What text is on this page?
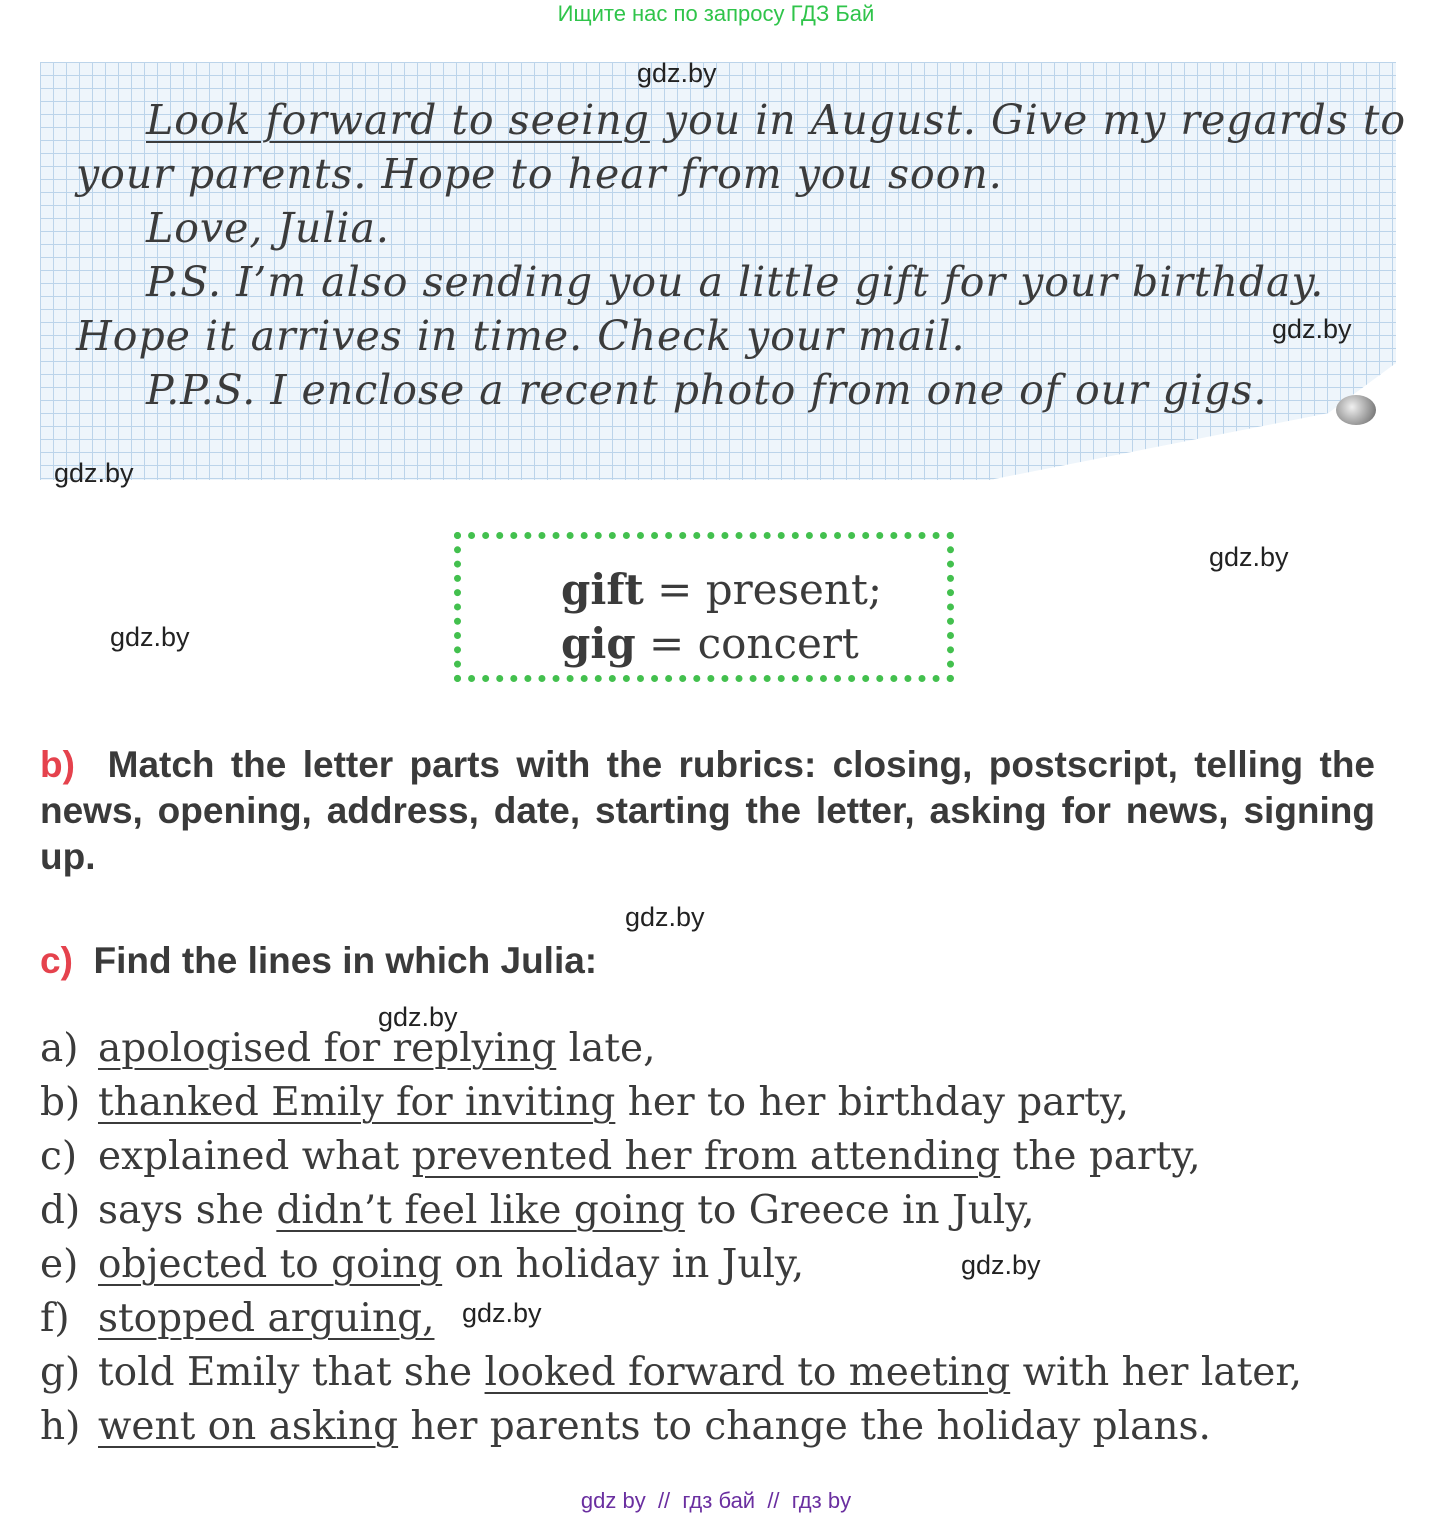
Ищите нас по запросу ГДЗ Бай

Look forward to seeing you in August. Give my regards to

your parents. Hope to hear from you soon.

Love, Julia.

P.S. I’m also sending you a little gift for your birthday.

Hope it arrives in time. Check your mail.

P.P.S. I enclose a recent photo from one of our gigs.

gdz.by
gdz.by
gdz.by
gdz.by
gdz.by
gdz.by
gdz.by
gdz.by
gdz.by
gift = present;
gig = concert

b) Match the letter parts with the rubrics: closing, postscript, telling the news, opening, address, date, starting the letter, asking for news, signing up.

c) Find the lines in which Julia:

a) apologised for replying late,

b) thanked Emily for inviting her to her birthday party,

c) explained what prevented her from attending the party,

d) says she didn’t feel like going to Greece in July,

e) objected to going on holiday in July,

f) stopped arguing,

g) told Emily that she looked forward to meeting with her later,

h) went on asking her parents to change the holiday plans.

gdz by  //  гдз бай  //  гдз by
